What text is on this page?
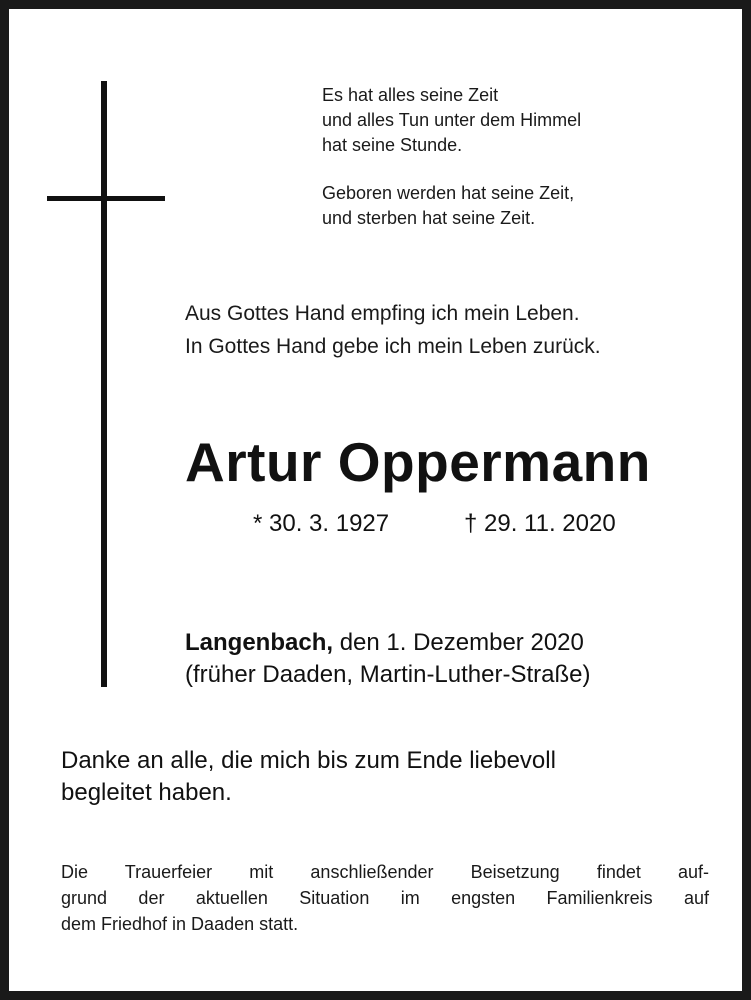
Es hat alles seine Zeit
und alles Tun unter dem Himmel
hat seine Stunde.
Geboren werden hat seine Zeit,
und sterben hat seine Zeit.
Aus Gottes Hand empfing ich mein Leben.
In Gottes Hand gebe ich mein Leben zurück.
Artur Oppermann
* 30. 3. 1927	† 29. 11. 2020
Langenbach, den 1. Dezember 2020
(früher Daaden, Martin-Luther-Straße)
Danke an alle, die mich bis zum Ende liebevoll
begleitet haben.
Die Trauerfeier mit anschließender Beisetzung findet auf-
grund der aktuellen Situation im engsten Familienkreis auf
dem Friedhof in Daaden statt.
